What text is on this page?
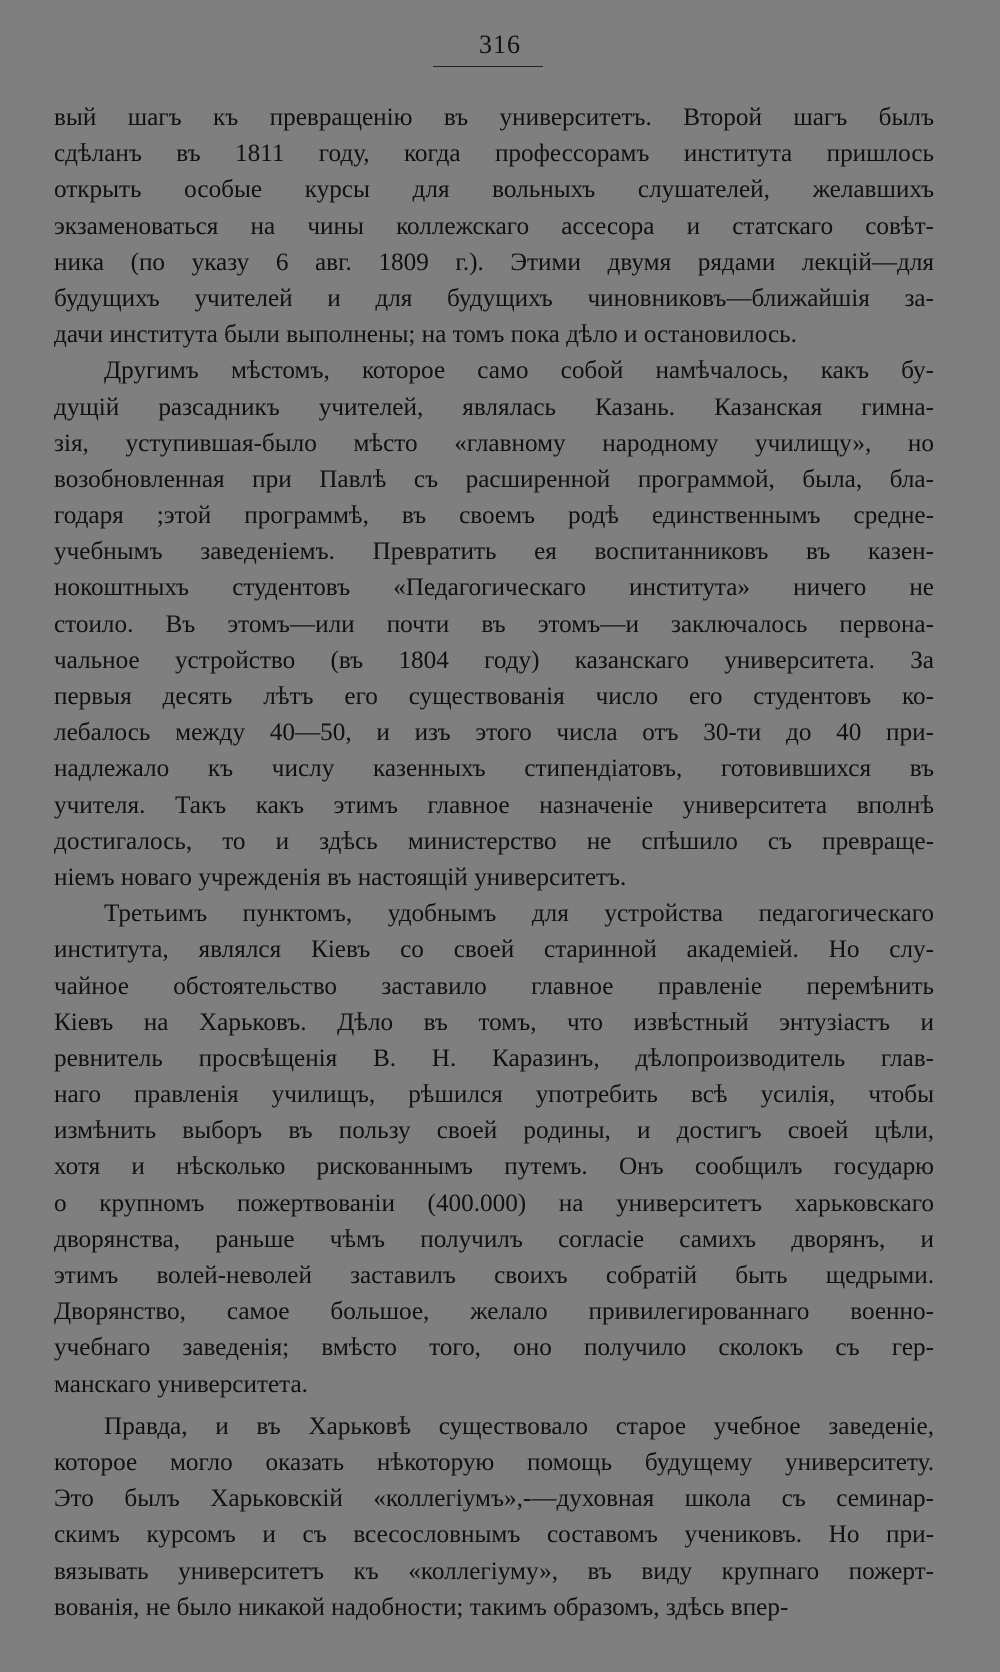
316
вый шагъ къ превращенію въ университетъ. Второй шагъ былъ
сдѣланъ въ 1811 году, когда профессорамъ института пришлось
открыть особые курсы для вольныхъ слушателей, желавшихъ
экзаменоваться на чины коллежскаго ассесора и статскаго совѣт-
ника (по указу 6 авг. 1809 г.). Этими двумя рядами лекцій—для
будущихъ учителей и для будущихъ чиновниковъ—ближайшія за-
дачи института были выполнены; на томъ пока дѣло и остановилось.
Другимъ мѣстомъ, которое само собой намѣчалось, какъ бу-
дущій разсадникъ учителей, являлась Казань. Казанская гимна-
зія, уступившая-было мѣсто «главному народному училищу», но
возобновленная при Павлѣ съ расширенной программой, была, бла-
годаря ;этой программѣ, въ своемъ родѣ единственнымъ средне-
учебнымъ заведеніемъ. Превратить ея воспитанниковъ въ казен-
нокоштныхъ студентовъ «Педагогическаго института» ничего не
стоило. Въ этомъ—или почти въ этомъ—и заключалось первона-
чальное устройство (въ 1804 году) казанскаго университета. За
первыя десять лѣтъ его существованія число его студентовъ ко-
лебалось между 40—50, и изъ этого числа отъ 30-ти до 40 при-
надлежало къ числу казенныхъ стипендіатовъ, готовившихся въ
учителя. Такъ какъ этимъ главное назначеніе университета вполнѣ
достигалось, то и здѣсь министерство не спѣшило съ превраще-
ніемъ новаго учрежденія въ настоящій университетъ.
Третьимъ пунктомъ, удобнымъ для устройства педагогическаго
института, являлся Кіевъ со своей старинной академіей. Но слу-
чайное обстоятельство заставило главное правленіе перемѣнить
Кіевъ на Харьковъ. Дѣло въ томъ, что извѣстный энтузіастъ и
ревнитель просвѣщенія В. Н. Каразинъ, дѣлопроизводитель глав-
наго правленія училищъ, рѣшился употребить всѣ усилія, чтобы
измѣнить выборъ въ пользу своей родины, и достигъ своей цѣли,
хотя и нѣсколько рискованнымъ путемъ. Онъ сообщилъ государю
о крупномъ пожертвованіи (400.000) на университетъ харьковскаго
дворянства, раньше чѣмъ получилъ согласіе самихъ дворянъ, и
этимъ волей-неволей заставилъ своихъ собратій быть щедрыми.
Дворянство, самое большое, желало привилегированнаго военно-
учебнаго заведенія; вмѣсто того, оно получило сколокъ съ гер-
манскаго университета.
Правда, и въ Харьковѣ существовало старое учебное заведеніе,
которое могло оказать нѣкоторую помощь будущему университету.
Это былъ Харьковскій «коллегіумъ»,-—духовная школа съ семинар-
скимъ курсомъ и съ всесословнымъ составомъ учениковъ. Но при-
вязывать университетъ къ «коллегіуму», въ виду крупнаго пожерт-
вованія, не было никакой надобности; такимъ образомъ, здѣсь впер-
